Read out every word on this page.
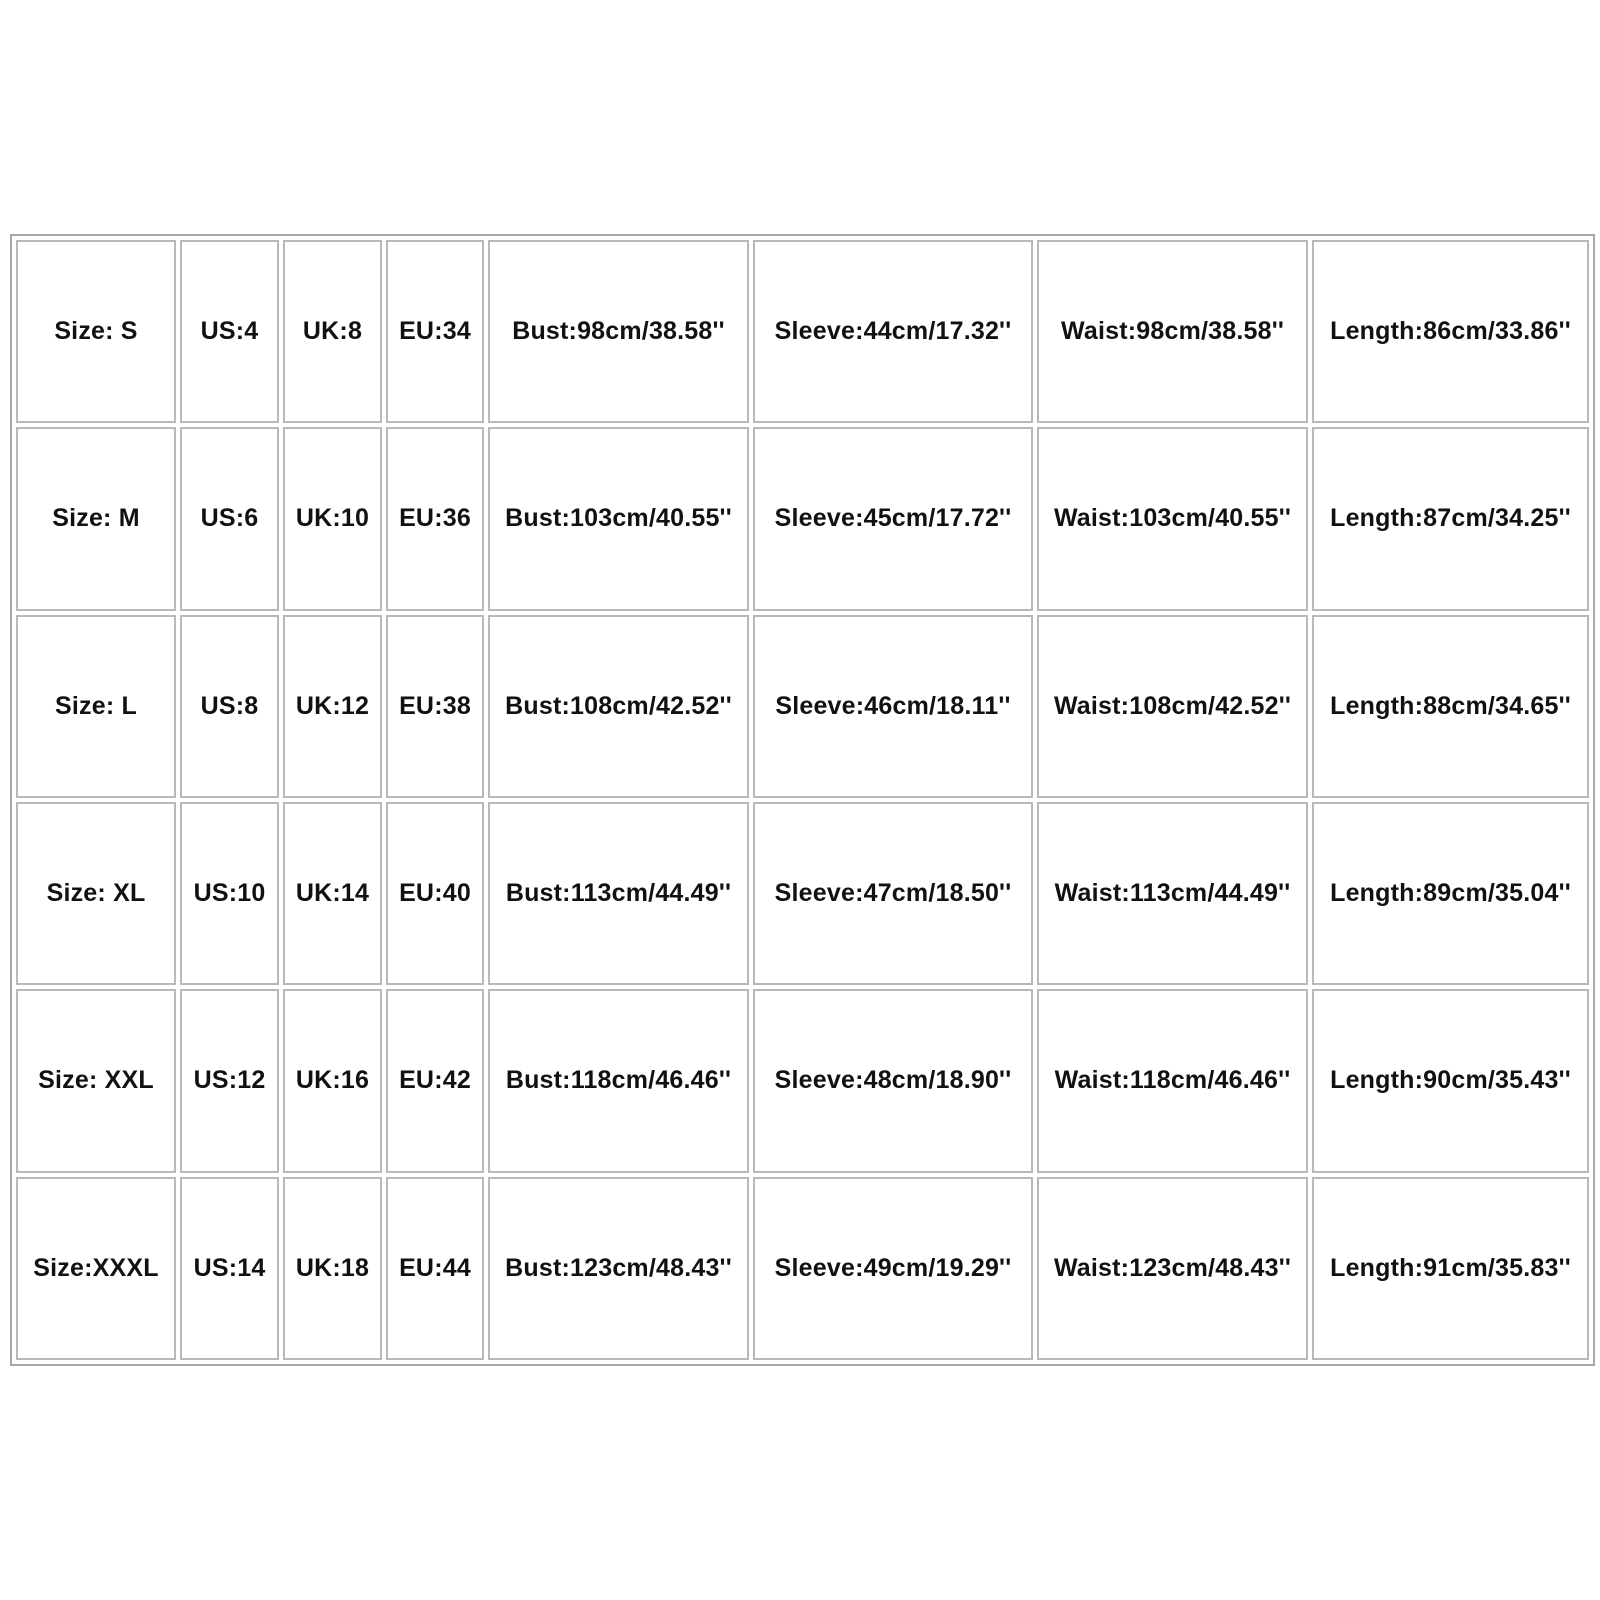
Size: S	US:4	UK:8	EU:34	Bust:98cm/38.58''	Sleeve:44cm/17.32''	Waist:98cm/38.58''	Length:86cm/33.86''
Size: M	US:6	UK:10	EU:36	Bust:103cm/40.55''	Sleeve:45cm/17.72''	Waist:103cm/40.55''	Length:87cm/34.25''
Size: L	US:8	UK:12	EU:38	Bust:108cm/42.52''	Sleeve:46cm/18.11''	Waist:108cm/42.52''	Length:88cm/34.65''
Size: XL	US:10	UK:14	EU:40	Bust:113cm/44.49''	Sleeve:47cm/18.50''	Waist:113cm/44.49''	Length:89cm/35.04''
Size: XXL	US:12	UK:16	EU:42	Bust:118cm/46.46''	Sleeve:48cm/18.90''	Waist:118cm/46.46''	Length:90cm/35.43''
Size:XXXL	US:14	UK:18	EU:44	Bust:123cm/48.43''	Sleeve:49cm/19.29''	Waist:123cm/48.43''	Length:91cm/35.83''
